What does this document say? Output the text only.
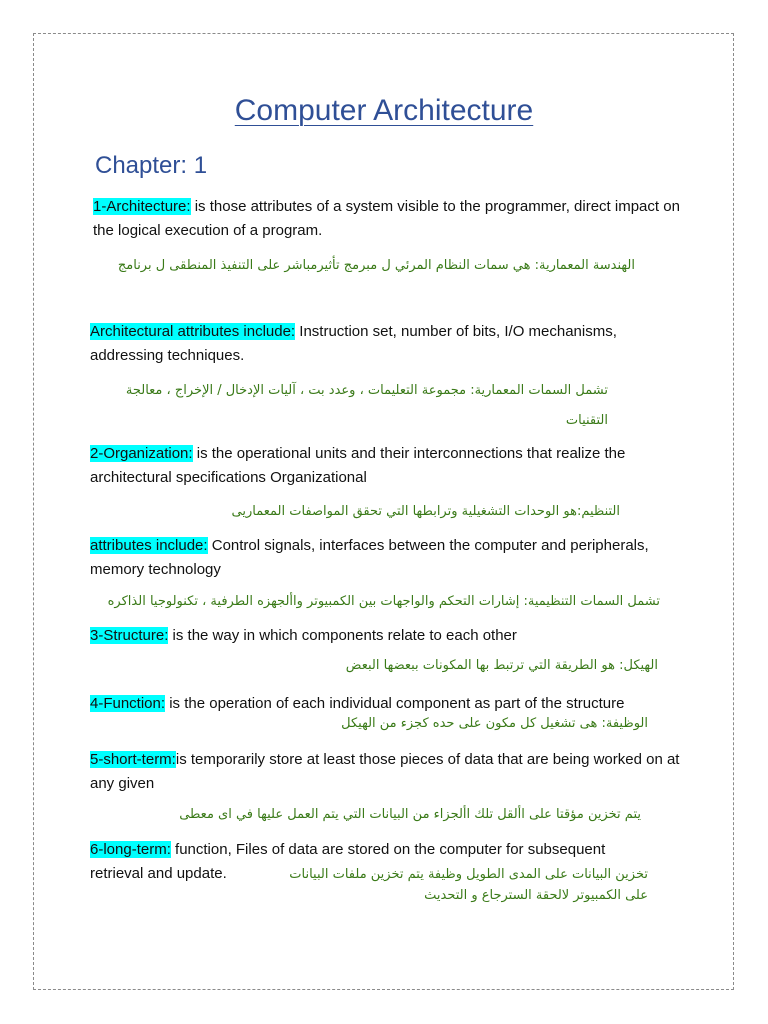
Computer Architecture
Chapter: 1
1-Architecture: is those attributes of a system visible to the programmer, direct impact on the logical execution of a program.
الهندسة المعمارية: هي سمات النظام المرئي ل مبرمج تأثيرمباشر على التنفيذ المنطقى ل برنامج
Architectural attributes include: Instruction set, number of bits, I/O mechanisms, addressing techniques.
تشمل السمات المعمارية: مجموعة التعليمات ، وعدد بت ، آليات الإدخال / الإخراج ، معالجة التقنيات
2-Organization: is the operational units and their interconnections that realize the architectural specifications Organizational
التنظيم:هو الوحدات التشغيلية وترابطها التي تحقق المواصفات المعماريى
attributes include: Control signals, interfaces between the computer and peripherals, memory technology
تشمل السمات التنظيمية: إشارات التحكم والواجهات بين الكمبيوتر واألجهزه الطرفية ، تكنولوجيا الذاكره
3-Structure: is the way in which components relate to each other
الهيكل: هو الطريقة التي ترتبط بها المكونات ببعضها البعض
4-Function: is the operation of each individual component as part of the structure
الوظيفة: هى تشغيل كل مكون على حده كجزء من الهيكل
5-short-term:is temporarily store at least those pieces of data that are being worked on at any given
يتم تخزين مؤقتا على األقل تلك األجزاء من البيانات التي يتم العمل عليها في اى معطى
6-long-term: function, Files of data are stored on the computer for subsequent
retrieval and update.	تخزين البيانات على المدى الطويل وظيفة يتم تخزين ملفات البيانات على الكمبيوتر لالحقة السترجاع و التحديث
